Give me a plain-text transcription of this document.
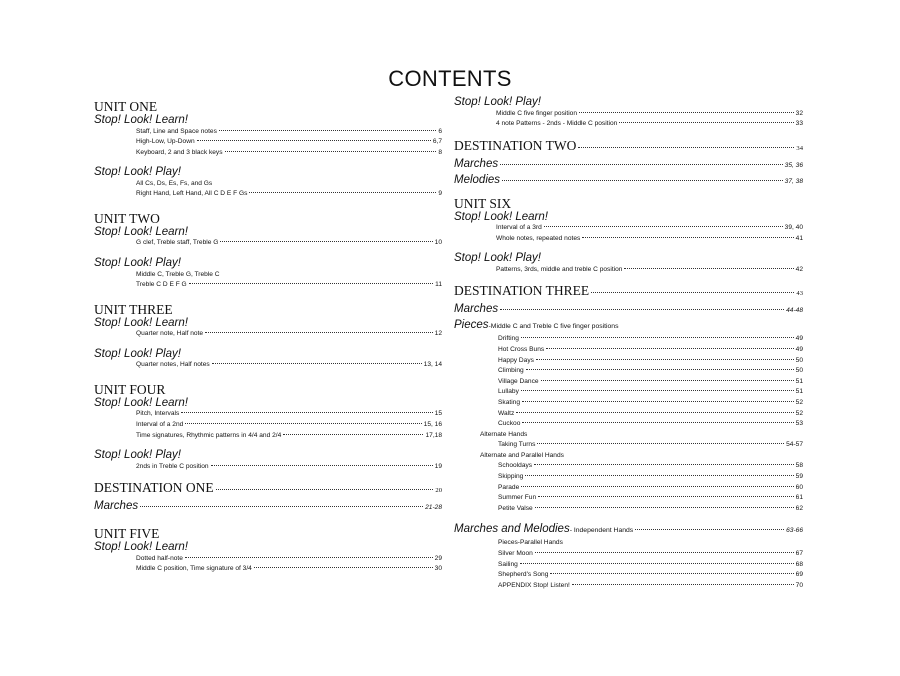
CONTENTS
UNIT ONE
Stop! Look! Learn!
Staff, Line and Space notes	6
High-Low, Up-Down	6,7
Keyboard, 2 and 3 black keys	8
Stop! Look! Play!
All Cs, Ds, Es, Fs, and Gs
Right Hand, Left Hand, All C D E F Gs	9
UNIT TWO
Stop! Look! Learn!
G clef, Treble staff, Treble G	10
Stop! Look! Play!
Middle C, Treble G, Treble C
Treble C D E F G	11
UNIT THREE
Stop! Look! Learn!
Quarter note, Half note	12
Stop! Look! Play!
Quarter notes, Half notes	13, 14
UNIT FOUR
Stop! Look! Learn!
Pitch, Intervals	15
Interval of a 2nd	15, 16
Time signatures, Rhythmic patterns in 4/4 and 2/4	17,18
Stop! Look! Play!
2nds in Treble C position	19
DESTINATION ONE	20
Marches	21-28
UNIT FIVE
Stop! Look! Learn!
Dotted half-note	29
Middle C position, Time signature of 3/4	30
Stop! Look! Play!
Middle C five finger position	32
4 note Patterns - 2nds - Middle C position	33
DESTINATION TWO	34
Marches	35, 36
Melodies	37, 38
UNIT SIX
Stop! Look! Learn!
Interval of a 3rd	39, 40
Whole notes, repeated notes	41
Stop! Look! Play!
Patterns, 3rds, middle and treble C position	42
DESTINATION THREE	43
Marches	44-48
Pieces -Middle C and Treble C five finger positions
Drifting	49
Hot Cross Buns	49
Happy Days	50
Climbing	50
Village Dance	51
Lullaby	51
Skating	52
Waltz	52
Cuckoo	53
Alternate Hands
Taking Turns	54-57
Alternate and Parallel Hands
Schooldays	58
Skipping	59
Parade	60
Summer Fun	61
Petite Valse	62
Marches and Melodies - Independent Hands	63-66
Pieces-Parallel Hands
Silver Moon	67
Sailing	68
Shepherd's Song	69
APPENDIX Stop! Listen!	70
